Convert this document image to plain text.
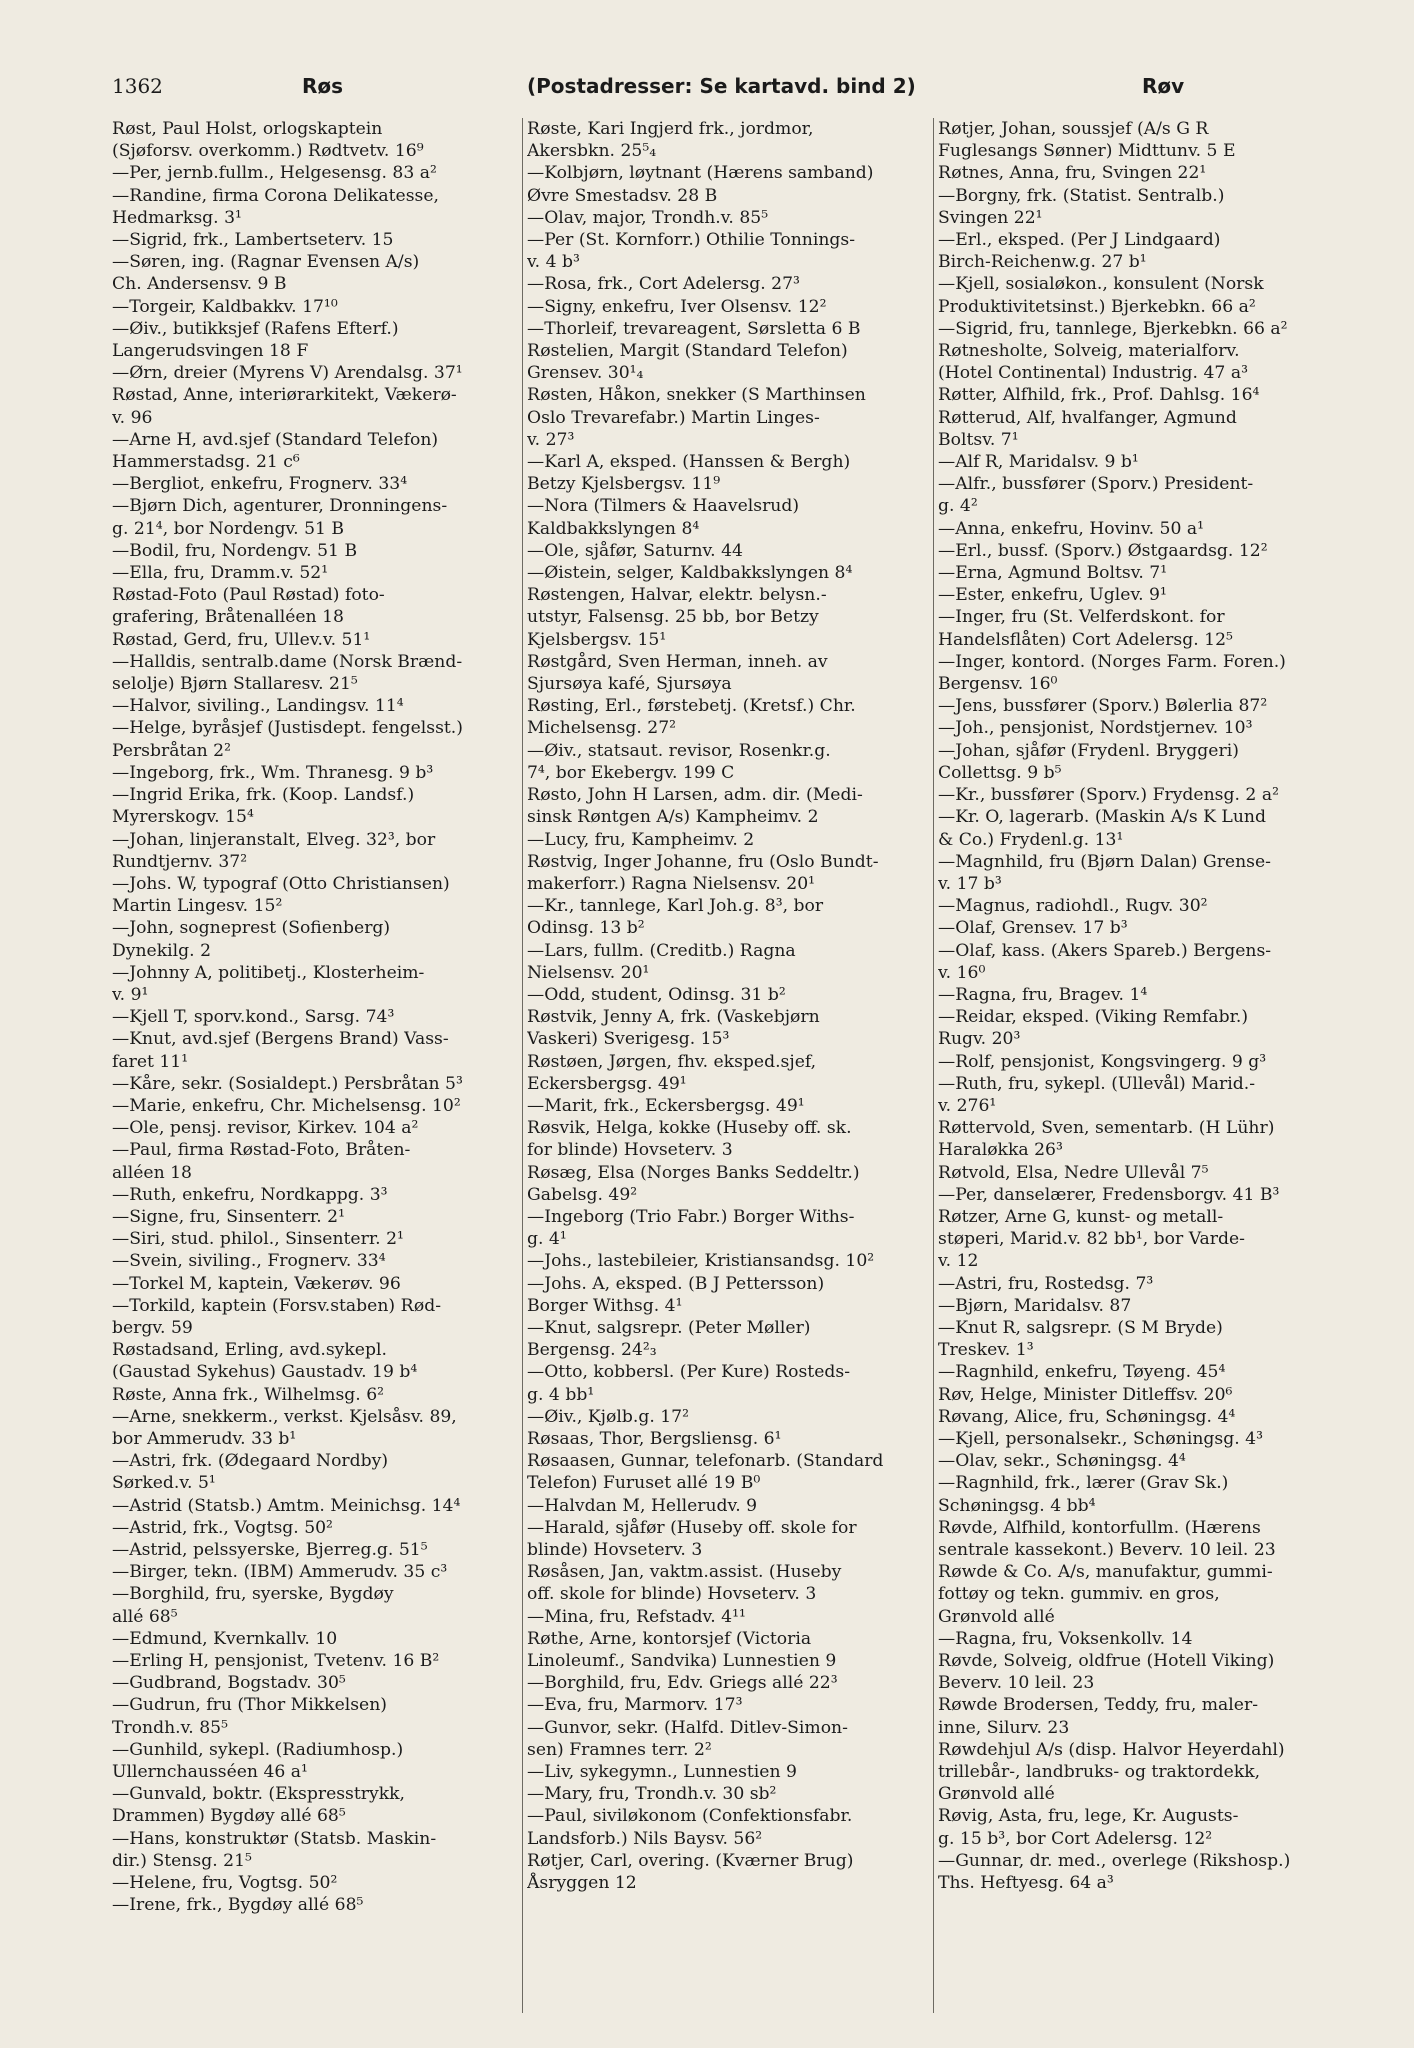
1362	Røs	(Postadresser: Se kartavd. bind 2)	Røv
Røst, Paul Holst, orlogskaptein
(Sjøforsv. overkomm.) Rødtvetv. 16⁹
—Per, jernb.fullm., Helgesensg. 83 a²
—Randine, firma Corona Delikatesse,
Hedmarksg. 3¹
—Sigrid, frk., Lambertseterv. 15
—Søren, ing. (Ragnar Evensen A/s)
Ch. Andersensv. 9 B
—Torgeir, Kaldbakkv. 17¹⁰
—Øiv., butikksjef (Rafens Efterf.)
Langerudsvingen 18 F
—Ørn, dreier (Myrens V) Arendalsg. 37¹
Røstad, Anne, interiørarkitekt, Vækerø-
v. 96
—Arne H, avd.sjef (Standard Telefon)
Hammerstadsg. 21 c⁶
—Bergliot, enkefru, Frognerv. 33⁴
—Bjørn Dich, agenturer, Dronningens-
g. 21⁴, bor Nordengv. 51 B
—Bodil, fru, Nordengv. 51 B
—Ella, fru, Dramm.v. 52¹
Røstad-Foto (Paul Røstad) foto-
grafering, Bråtenalléen 18
Røstad, Gerd, fru, Ullev.v. 51¹
—Halldis, sentralb.dame (Norsk Brænd-
selolje) Bjørn Stallaresv. 21⁵
—Halvor, siviling., Landingsv. 11⁴
—Helge, byråsjef (Justisdept. fengelsst.)
Persbråtan 2²
—Ingeborg, frk., Wm. Thranesg. 9 b³
—Ingrid Erika, frk. (Koop. Landsf.)
Myrerskogv. 15⁴
—Johan, linjeranstalt, Elveg. 32³, bor
Rundtjernv. 37²
—Johs. W, typograf (Otto Christiansen)
Martin Lingesv. 15²
—John, sogneprest (Sofienberg)
Dynekilg. 2
—Johnny A, politibetj., Klosterheim-
v. 9¹
—Kjell T, sporv.kond., Sarsg. 74³
—Knut, avd.sjef (Bergens Brand) Vass-
faret 11¹
—Kåre, sekr. (Sosialdept.) Persbråtan 5³
—Marie, enkefru, Chr. Michelsensg. 10²
—Ole, pensj. revisor, Kirkev. 104 a²
—Paul, firma Røstad-Foto, Bråten-
alléen 18
—Ruth, enkefru, Nordkappg. 3³
—Signe, fru, Sinsenterr. 2¹
—Siri, stud. philol., Sinsenterr. 2¹
—Svein, siviling., Frognerv. 33⁴
—Torkel M, kaptein, Vækerøv. 96
—Torkild, kaptein (Forsv.staben) Rød-
bergv. 59
Røstadsand, Erling, avd.sykepl.
(Gaustad Sykehus) Gaustadv. 19 b⁴
Røste, Anna frk., Wilhelmsg. 6²
—Arne, snekkerm., verkst. Kjelsåsv. 89,
bor Ammerudv. 33 b¹
—Astri, frk. (Ødegaard Nordby)
Sørked.v. 5¹
—Astrid (Statsb.) Amtm. Meinichsg. 14⁴
—Astrid, frk., Vogtsg. 50²
—Astrid, pelssyerske, Bjerreg.g. 51⁵
—Birger, tekn. (IBM) Ammerudv. 35 c³
—Borghild, fru, syerske, Bygdøy
allé 68⁵
—Edmund, Kvernkallv. 10
—Erling H, pensjonist, Tvetenv. 16 B²
—Gudbrand, Bogstadv. 30⁵
—Gudrun, fru (Thor Mikkelsen)
Trondh.v. 85⁵
—Gunhild, sykepl. (Radiumhosp.)
Ullernchausséen 46 a¹
—Gunvald, boktr. (Ekspresstrykk,
Drammen) Bygdøy allé 68⁵
—Hans, konstruktør (Statsb. Maskin-
dir.) Stensg. 21⁵
—Helene, fru, Vogtsg. 50²
—Irene, frk., Bygdøy allé 68⁵
Røste, Kari Ingjerd frk., jordmor,
Akersbkn. 25⁵₄
—Kolbjørn, løytnant (Hærens samband)
Øvre Smestadsv. 28 B
—Olav, major, Trondh.v. 85⁵
—Per (St. Kornforr.) Othilie Tonnings-
v. 4 b³
—Rosa, frk., Cort Adelersg. 27³
—Signy, enkefru, Iver Olsensv. 12²
—Thorleif, trevareagent, Sørsletta 6 B
Røstelien, Margit (Standard Telefon)
Grensev. 30¹₄
Røsten, Håkon, snekker (S Marthinsen
Oslo Trevarefabr.) Martin Linges-
v. 27³
—Karl A, eksped. (Hanssen & Bergh)
Betzy Kjelsbergsv. 11⁹
—Nora (Tilmers & Haavelsrud)
Kaldbakkslyngen 8⁴
—Ole, sjåfør, Saturnv. 44
—Øistein, selger, Kaldbakkslyngen 8⁴
Røstengen, Halvar, elektr. belysn.-
utstyr, Falsensg. 25 bb, bor Betzy
Kjelsbergsv. 15¹
Røstgård, Sven Herman, inneh. av
Sjursøya kafé, Sjursøya
Røsting, Erl., førstebetj. (Kretsf.) Chr.
Michelsensg. 27²
—Øiv., statsaut. revisor, Rosenkr.g.
7⁴, bor Ekebergv. 199 C
Røsto, John H Larsen, adm. dir. (Medi-
sinsk Røntgen A/s) Kampheimv. 2
—Lucy, fru, Kampheimv. 2
Røstvig, Inger Johanne, fru (Oslo Bundt-
makerforr.) Ragna Nielsensv. 20¹
—Kr., tannlege, Karl Joh.g. 8³, bor
Odinsg. 13 b²
—Lars, fullm. (Creditb.) Ragna
Nielsensv. 20¹
—Odd, student, Odinsg. 31 b²
Røstvik, Jenny A, frk. (Vaskebjørn
Vaskeri) Sverigesg. 15³
Røstøen, Jørgen, fhv. eksped.sjef,
Eckersbergsg. 49¹
—Marit, frk., Eckersbergsg. 49¹
Røsvik, Helga, kokke (Huseby off. sk.
for blinde) Hovseterv. 3
Røsæg, Elsa (Norges Banks Seddeltr.)
Gabelsg. 49²
—Ingeborg (Trio Fabr.) Borger Withs-
g. 4¹
—Johs., lastebileier, Kristiansandsg. 10²
—Johs. A, eksped. (B J Pettersson)
Borger Withsg. 4¹
—Knut, salgsrepr. (Peter Møller)
Bergensg. 24²₃
—Otto, kobbersl. (Per Kure) Rosteds-
g. 4 bb¹
—Øiv., Kjølb.g. 17²
Røsaas, Thor, Bergsliensg. 6¹
Røsaasen, Gunnar, telefonarb. (Standard
Telefon) Furuset allé 19 B⁰
—Halvdan M, Hellerudv. 9
—Harald, sjåfør (Huseby off. skole for
blinde) Hovseterv. 3
Røsåsen, Jan, vaktm.assist. (Huseby
off. skole for blinde) Hovseterv. 3
—Mina, fru, Refstadv. 4¹¹
Røthe, Arne, kontorsjef (Victoria
Linoleumf., Sandvika) Lunnestien 9
—Borghild, fru, Edv. Griegs allé 22³
—Eva, fru, Marmorv. 17³
—Gunvor, sekr. (Halfd. Ditlev-Simon-
sen) Framnes terr. 2²
—Liv, sykegymn., Lunnestien 9
—Mary, fru, Trondh.v. 30 sb²
—Paul, siviløkonom (Confektionsfabr.
Landsforb.) Nils Baysv. 56²
Røtjer, Carl, overing. (Kværner Brug)
Åsryggen 12
Røtjer, Johan, soussjef (A/s G R
Fuglesangs Sønner) Midttunv. 5 E
Røtnes, Anna, fru, Svingen 22¹
—Borgny, frk. (Statist. Sentralb.)
Svingen 22¹
—Erl., eksped. (Per J Lindgaard)
Birch-Reichenw.g. 27 b¹
—Kjell, sosialøkon., konsulent (Norsk
Produktivitetsinst.) Bjerkebkn. 66 a²
—Sigrid, fru, tannlege, Bjerkebkn. 66 a²
Røtnesholte, Solveig, materialforv.
(Hotel Continental) Industrig. 47 a³
Røtter, Alfhild, frk., Prof. Dahlsg. 16⁴
Røtterud, Alf, hvalfanger, Agmund
Boltsv. 7¹
—Alf R, Maridalsv. 9 b¹
—Alfr., bussfører (Sporv.) President-
g. 4²
—Anna, enkefru, Hovinv. 50 a¹
—Erl., bussf. (Sporv.) Østgaardsg. 12²
—Erna, Agmund Boltsv. 7¹
—Ester, enkefru, Uglev. 9¹
—Inger, fru (St. Velferdskont. for
Handelsflåten) Cort Adelersg. 12⁵
—Inger, kontord. (Norges Farm. Foren.)
Bergensv. 16⁰
—Jens, bussfører (Sporv.) Bølerlia 87²
—Joh., pensjonist, Nordstjernev. 10³
—Johan, sjåfør (Frydenl. Bryggeri)
Collettsg. 9 b⁵
—Kr., bussfører (Sporv.) Frydensg. 2 a²
—Kr. O, lagerarb. (Maskin A/s K Lund
& Co.) Frydenl.g. 13¹
—Magnhild, fru (Bjørn Dalan) Grense-
v. 17 b³
—Magnus, radiohdl., Rugv. 30²
—Olaf, Grensev. 17 b³
—Olaf, kass. (Akers Spareb.) Bergens-
v. 16⁰
—Ragna, fru, Bragev. 1⁴
—Reidar, eksped. (Viking Remfabr.)
Rugv. 20³
—Rolf, pensjonist, Kongsvingerg. 9 g³
—Ruth, fru, sykepl. (Ullevål) Marid.-
v. 276¹
Røttervold, Sven, sementarb. (H Lühr)
Haraløkka 26³
Røtvold, Elsa, Nedre Ullevål 7⁵
—Per, danselærer, Fredensborgv. 41 B³
Røtzer, Arne G, kunst- og metall-
støperi, Marid.v. 82 bb¹, bor Varde-
v. 12
—Astri, fru, Rostedsg. 7³
—Bjørn, Maridalsv. 87
—Knut R, salgsrepr. (S M Bryde)
Treskev. 1³
—Ragnhild, enkefru, Tøyeng. 45⁴
Røv, Helge, Minister Ditleffsv. 20⁶
Røvang, Alice, fru, Schøningsg. 4⁴
—Kjell, personalsekr., Schøningsg. 4³
—Olav, sekr., Schøningsg. 4⁴
—Ragnhild, frk., lærer (Grav Sk.)
Schøningsg. 4 bb⁴
Røvde, Alfhild, kontorfullm. (Hærens
sentrale kassekont.) Beverv. 10 leil. 23
Røwde & Co. A/s, manufaktur, gummi-
fottøy og tekn. gummiv. en gros,
Grønvold allé
—Ragna, fru, Voksenkollv. 14
Røvde, Solveig, oldfrue (Hotell Viking)
Beverv. 10 leil. 23
Røwde Brodersen, Teddy, fru, maler-
inne, Silurv. 23
Røwdehjul A/s (disp. Halvor Heyerdahl)
trillebår-, landbruks- og traktordekk,
Grønvold allé
Røvig, Asta, fru, lege, Kr. Augusts-
g. 15 b³, bor Cort Adelersg. 12²
—Gunnar, dr. med., overlege (Rikshosp.)
Ths. Heftyesg. 64 a³
